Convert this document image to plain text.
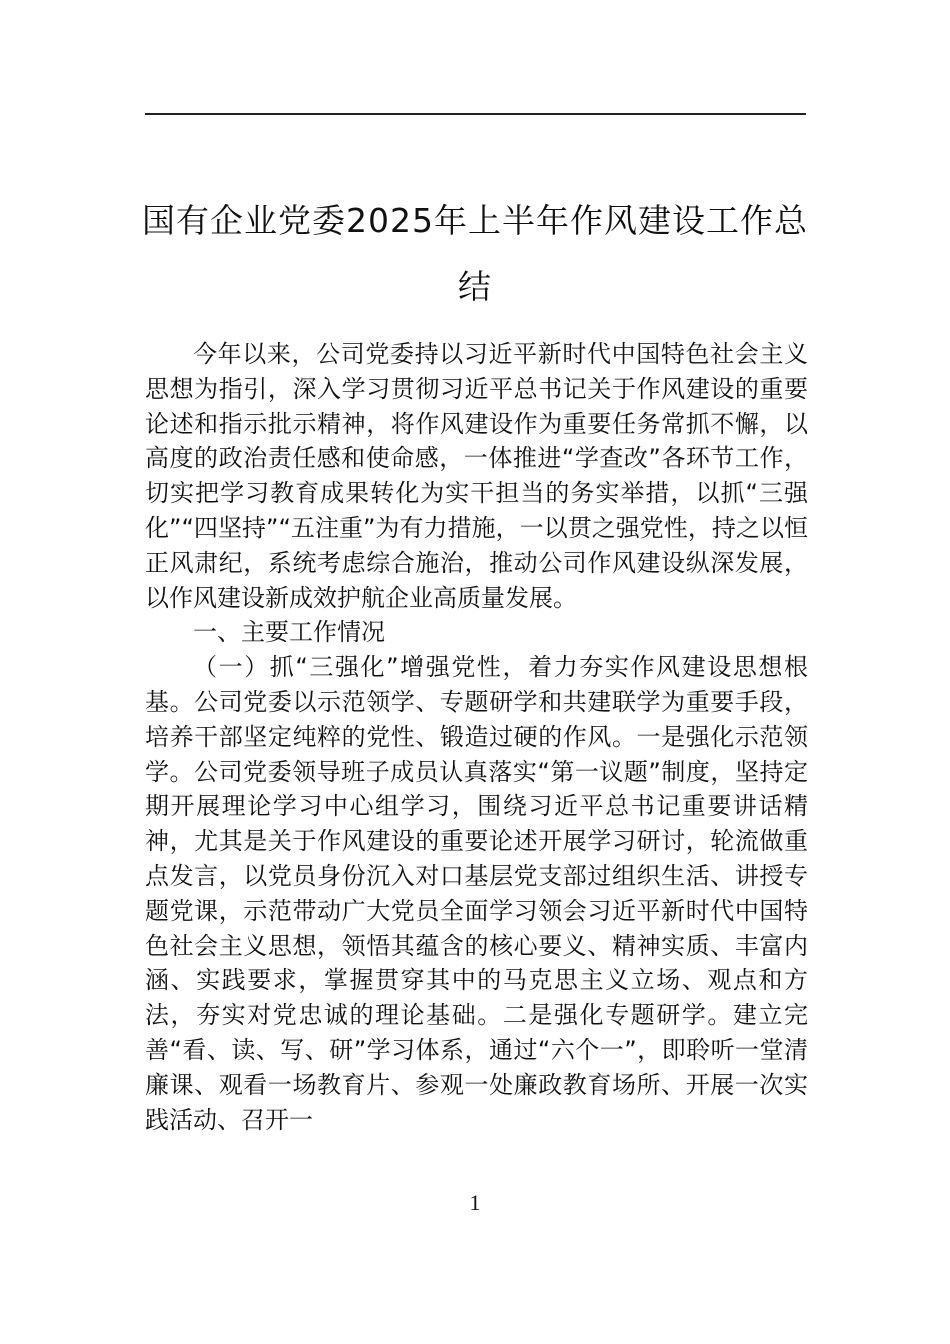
国有企业党委2025年上半年作风建设工作总结

今年以来，公司党委持以习近平新时代中国特色社会主义思想为指引，深入学习贯彻习近平总书记关于作风建设的重要论述和指示批示精神，将作风建设作为重要任务常抓不懈，以高度的政治责任感和使命感，一体推进“学查改”各环节工作，切实把学习教育成果转化为实干担当的务实举措，以抓“三强化”“四坚持”“五注重”为有力措施，一以贯之强党性，持之以恒正风肃纪，系统考虑综合施治，推动公司作风建设纵深发展，以作风建设新成效护航企业高质量发展。

一、主要工作情况

（一）抓“三强化”增强党性，着力夯实作风建设思想根基。公司党委以示范领学、专题研学和共建联学为重要手段，培养干部坚定纯粹的党性、锻造过硬的作风。一是强化示范领学。公司党委领导班子成员认真落实“第一议题”制度，坚持定期开展理论学习中心组学习，围绕习近平总书记重要讲话精神，尤其是关于作风建设的重要论述开展学习研讨，轮流做重点发言，以党员身份沉入对口基层党支部过组织生活、讲授专题党课，示范带动广大党员全面学习领会习近平新时代中国特色社会主义思想，领悟其蕴含的核心要义、精神实质、丰富内涵、实践要求，掌握贯穿其中的马克思主义立场、观点和方法，夯实对党忠诚的理论基础。二是强化专题研学。建立完善“看、读、写、研”学习体系，通过“六个一”，即聆听一堂清廉课、观看一场教育片、参观一处廉政教育场所、开展一次实践活动、召开一

1
